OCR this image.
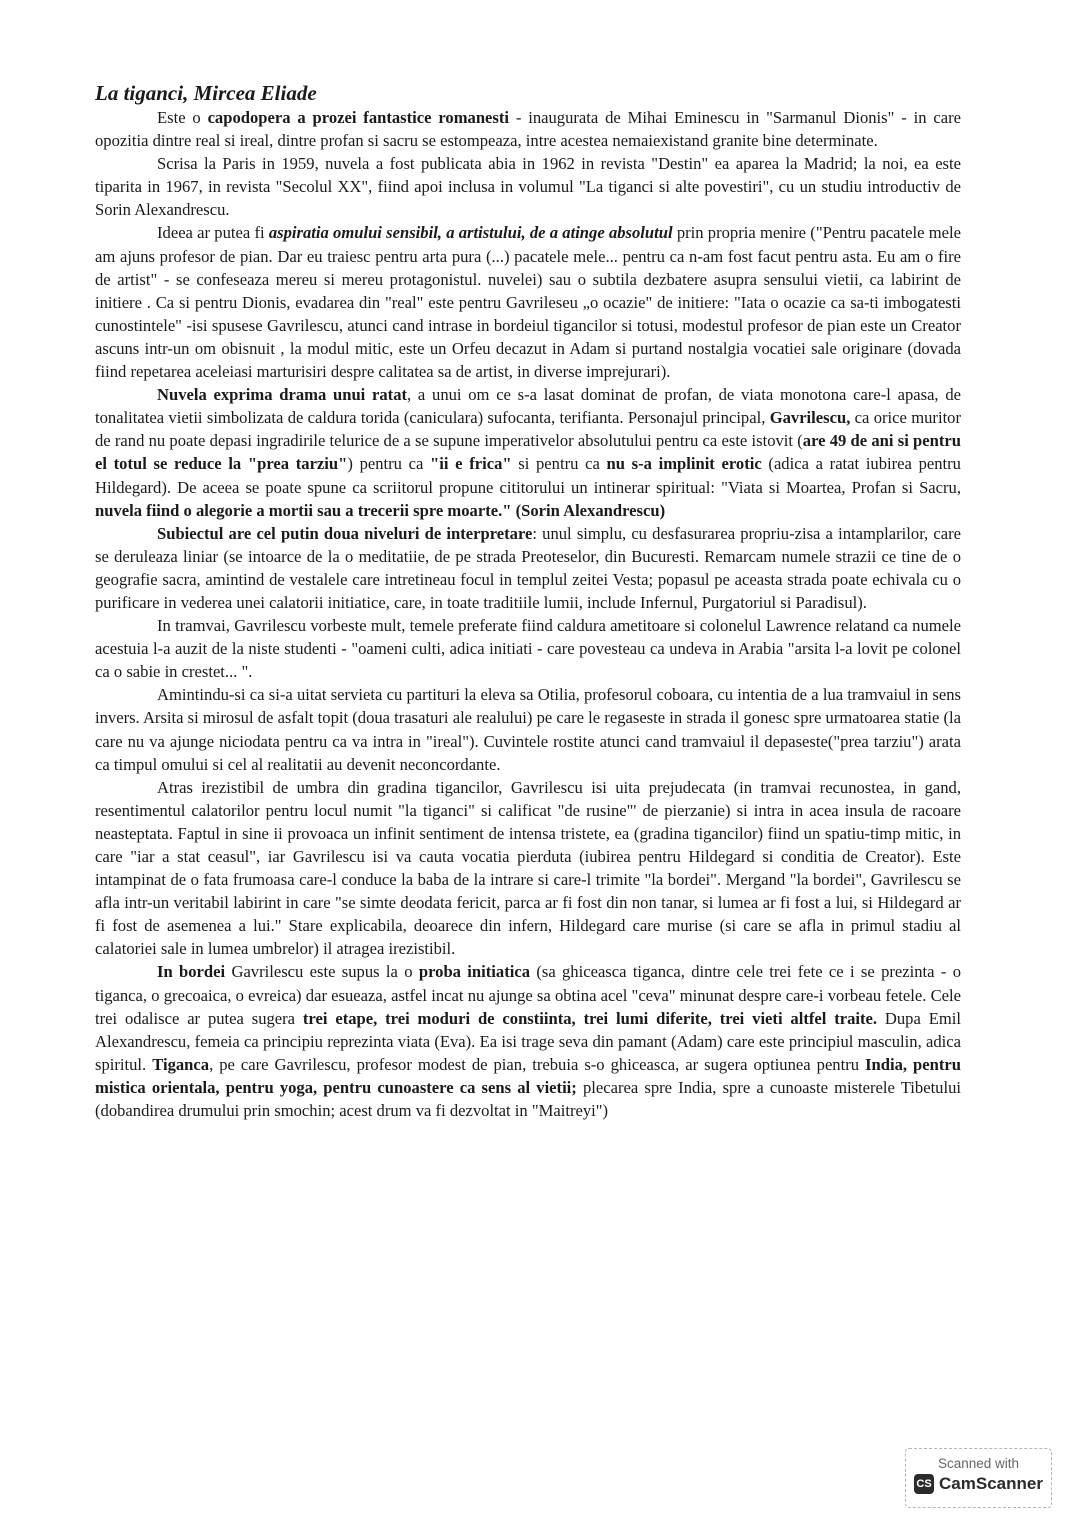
La tiganci, Mircea Eliade

Este o capodopera a prozei fantastice romanesti - inaugurata de Mihai Eminescu in "Sarmanul Dionis" - in care opozitia dintre real si ireal, dintre profan si sacru se estompeaza, intre acestea nemaiexistand granite bine determinate.

Scrisa la Paris in 1959, nuvela a fost publicata abia in 1962 in revista "Destin" ea aparea la Madrid; la noi, ea este tiparita in 1967, in revista "Secolul XX", fiind apoi inclusa in volumul "La tiganci si alte povestiri", cu un studiu introductiv de Sorin Alexandrescu.

Ideea ar putea fi aspiratia omului sensibil, a artistului, de a atinge absolutul prin propria menire ("Pentru pacatele mele am ajuns profesor de pian. Dar eu traiesc pentru arta pura (...) pacatele mele... pentru ca n-am fost facut pentru asta. Eu am o fire de artist" - se confeseaza mereu si mereu protagonistul. nuvelei) sau o subtila dezbatere asupra sensului vietii, ca labirint de initiere . Ca si pentru Dionis, evadarea din "real" este pentru Gavrileseu „o ocazie" de initiere: "Iata o ocazie ca sa-ti imbogatesti cunostintele" -isi spusese Gavrilescu, atunci cand intrase in bordeiul tigancilor si totusi, modestul profesor de pian este un Creator ascuns intr-un om obisnuit , la modul mitic, este un Orfeu decazut in Adam si purtand nostalgia vocatiei sale originare (dovada fiind repetarea aceleiasi marturisiri despre calitatea sa de artist, in diverse imprejurari).

Nuvela exprima drama unui ratat, a unui om ce s-a lasat dominat de profan, de viata monotona care-l apasa, de tonalitatea vietii simbolizata de caldura torida (caniculara) sufocanta, terifianta. Personajul principal, Gavrilescu, ca orice muritor de rand nu poate depasi ingradirile telurice de a se supune imperativelor absolutului pentru ca este istovit (are 49 de ani si pentru el totul se reduce la "prea tarziu") pentru ca "ii e frica" si pentru ca nu s-a implinit erotic (adica a ratat iubirea pentru Hildegard). De aceea se poate spune ca scriitorul propune cititorului un intinerar spiritual: "Viata si Moartea, Profan si Sacru, nuvela fiind o alegorie a mortii sau a trecerii spre moarte." (Sorin Alexandrescu)

Subiectul are cel putin doua niveluri de interpretare: unul simplu, cu desfasurarea propriu-zisa a intamplarilor, care se deruleaza liniar (se intoarce de la o meditatiie, de pe strada Preoteselor, din Bucuresti. Remarcam numele strazii ce tine de o geografie sacra, amintind de vestalele care intretineau focul in templul zeitei Vesta; popasul pe aceasta strada poate echivala cu o purificare in vederea unei calatorii initiatice, care, in toate traditiile lumii, include Infernul, Purgatoriul si Paradisul).

In tramvai, Gavrilescu vorbeste mult, temele preferate fiind caldura ametitoare si colonelul Lawrence relatand ca numele acestuia l-a auzit de la niste studenti - "oameni culti, adica initiati - care povesteau ca undeva in Arabia "arsita l-a lovit pe colonel ca o sabie in crestet... ".

Amintindu-si ca si-a uitat servieta cu partituri la eleva sa Otilia, profesorul coboara, cu intentia de a lua tramvaiul in sens invers. Arsita si mirosul de asfalt topit (doua trasaturi ale realului) pe care le regaseste in strada il gonesc spre urmatoarea statie (la care nu va ajunge niciodata pentru ca va intra in "ireal"). Cuvintele rostite atunci cand tramvaiul il depaseste("prea tarziu") arata ca timpul omului si cel al realitatii au devenit neconcordante.

Atras irezistibil de umbra din gradina tigancilor, Gavrilescu isi uita prejudecata (in tramvai recunostea, in gand, resentimentul calatorilor pentru locul numit "la tiganci" si calificat "de rusine"' de pierzanie) si intra in acea insula de racoare neasteptata. Faptul in sine ii provoaca un infinit sentiment de intensa tristete, ea (gradina tigancilor) fiind un spatiu-timp mitic, in care "iar a stat ceasul", iar Gavrilescu isi va cauta vocatia pierduta (iubirea pentru Hildegard si conditia de Creator). Este intampinat de o fata frumoasa care-l conduce la baba de la intrare si care-l trimite "la bordei". Mergand "la bordei", Gavrilescu se afla intr-un veritabil labirint in care "se simte deodata fericit, parca ar fi fost din non tanar, si lumea ar fi fost a lui, si Hildegard ar fi fost de asemenea a lui." Stare explicabila, deoarece din infern, Hildegard care murise (si care se afla in primul stadiu al calatoriei sale in lumea umbrelor) il atragea irezistibil.

In bordei Gavrilescu este supus la o proba initiatica (sa ghiceasca tiganca, dintre cele trei fete ce i se prezinta - o tiganca, o grecoaica, o evreica) dar esueaza, astfel incat nu ajunge sa obtina acel "ceva" minunat despre care-i vorbeau fetele. Cele trei odalisce ar putea sugera trei etape, trei moduri de constiinta, trei lumi diferite, trei vieti altfel traite. Dupa Emil Alexandrescu, femeia ca principiu reprezinta viata (Eva). Ea isi trage seva din pamant (Adam) care este principiul masculin, adica spiritul. Tiganca, pe care Gavrilescu, profesor modest de pian, trebuia s-o ghiceasca, ar sugera optiunea pentru India, pentru mistica orientala, pentru yoga, pentru cunoastere ca sens al vietii; plecarea spre India, spre a cunoaste misterele Tibetului (dobandirea drumului prin smochin; acest drum va fi dezvoltat in "Maitreyi")

Scanned with
CS CamScanner
